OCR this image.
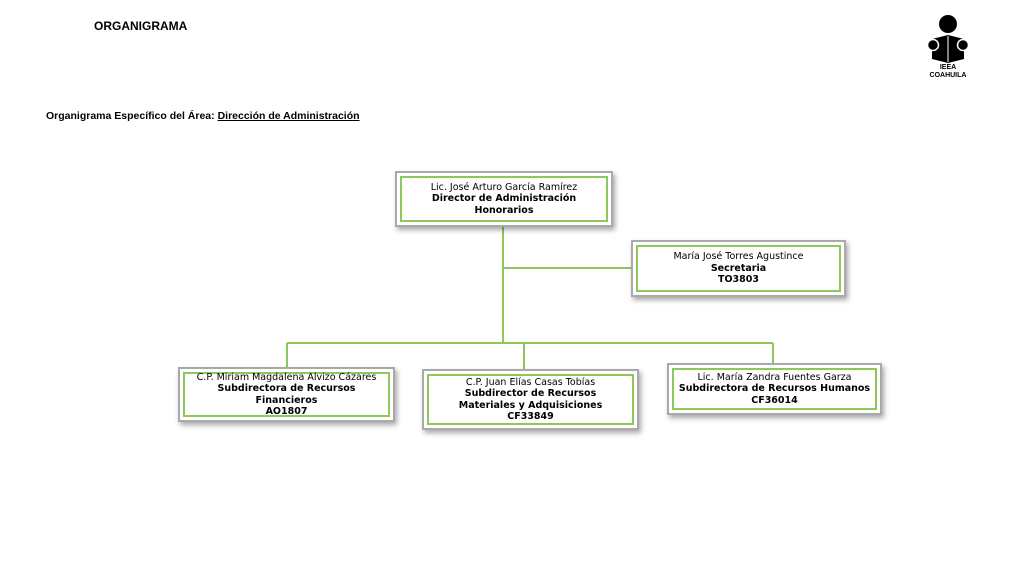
ORGANIGRAMA
IEEA
COAHUILA
Organigrama Específico del Área: Dirección de Administración
Lic. José Arturo García Ramírez
Director de Administración
Honorarios
María José Torres Agustince
Secretaria
TO3803
C.P. Miriam Magdalena Alvizo Cázares
Subdirectora de Recursos Financieros
AO1807
C.P. Juan Elías Casas Tobías
Subdirector de Recursos Materiales y Adquisiciones
CF33849
Lic. María Zandra Fuentes Garza
Subdirectora de Recursos Humanos
CF36014
